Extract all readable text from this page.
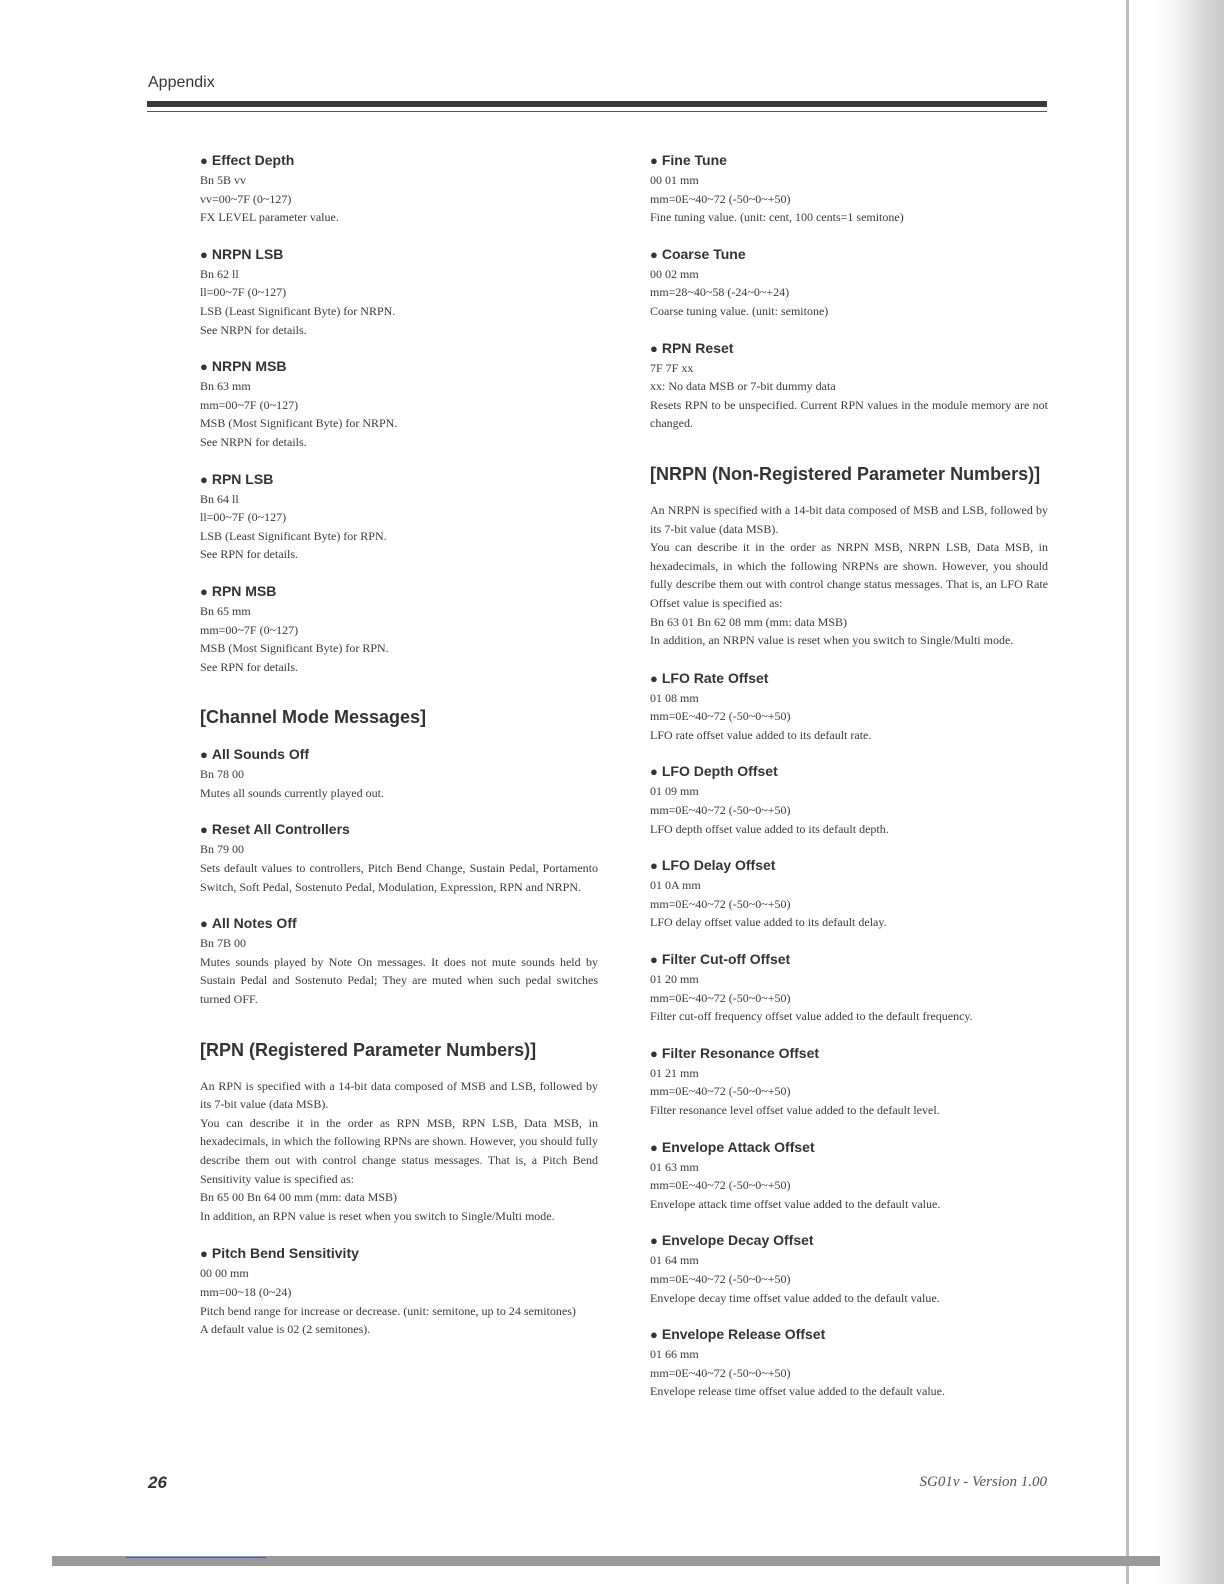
Appendix
● Effect Depth
Bn 5B vv
vv=00~7F (0~127)
FX LEVEL parameter value.
● NRPN LSB
Bn 62 ll
ll=00~7F (0~127)
LSB (Least Significant Byte) for NRPN.
See NRPN for details.
● NRPN MSB
Bn 63 mm
mm=00~7F (0~127)
MSB (Most Significant Byte) for NRPN.
See NRPN for details.
● RPN LSB
Bn 64 ll
ll=00~7F (0~127)
LSB (Least Significant Byte) for RPN.
See RPN for details.
● RPN MSB
Bn 65 mm
mm=00~7F (0~127)
MSB (Most Significant Byte) for RPN.
See RPN for details.
[Channel Mode Messages]
● All Sounds Off
Bn 78 00
Mutes all sounds currently played out.
● Reset All Controllers
Bn 79 00
Sets default values to controllers, Pitch Bend Change, Sustain Pedal, Portamento Switch, Soft Pedal, Sostenuto Pedal, Modulation, Expression, RPN and NRPN.
● All Notes Off
Bn 7B 00
Mutes sounds played by Note On messages. It does not mute sounds held by Sustain Pedal and Sostenuto Pedal; They are muted when such pedal switches turned OFF.
[RPN (Registered Parameter Numbers)]
An RPN is specified with a 14-bit data composed of MSB and LSB, followed by its 7-bit value (data MSB).
You can describe it in the order as RPN MSB, RPN LSB, Data MSB, in hexadecimals, in which the following RPNs are shown. However, you should fully describe them out with control change status messages. That is, a Pitch Bend Sensitivity value is specified as:
Bn 65 00 Bn 64 00 mm (mm: data MSB)
In addition, an RPN value is reset when you switch to Single/Multi mode.
● Pitch Bend Sensitivity
00 00 mm
mm=00~18 (0~24)
Pitch bend range for increase or decrease. (unit: semitone, up to 24 semitones)
A default value is 02 (2 semitones).
● Fine Tune
00 01 mm
mm=0E~40~72 (-50~0~+50)
Fine tuning value. (unit: cent, 100 cents=1 semitone)
● Coarse Tune
00 02 mm
mm=28~40~58 (-24~0~+24)
Coarse tuning value. (unit: semitone)
● RPN Reset
7F 7F xx
xx: No data MSB or 7-bit dummy data
Resets RPN to be unspecified. Current RPN values in the module memory are not changed.
[NRPN (Non-Registered Parameter Numbers)]
An NRPN is specified with a 14-bit data composed of MSB and LSB, followed by its 7-bit value (data MSB).
You can describe it in the order as NRPN MSB, NRPN LSB, Data MSB, in hexadecimals, in which the following NRPNs are shown. However, you should fully describe them out with control change status messages. That is, an LFO Rate Offset value is specified as:
Bn 63 01 Bn 62 08 mm (mm: data MSB)
In addition, an NRPN value is reset when you switch to Single/Multi mode.
● LFO Rate Offset
01 08 mm
mm=0E~40~72 (-50~0~+50)
LFO rate offset value added to its default rate.
● LFO Depth Offset
01 09 mm
mm=0E~40~72 (-50~0~+50)
LFO depth offset value added to its default depth.
● LFO Delay Offset
01 0A mm
mm=0E~40~72 (-50~0~+50)
LFO delay offset value added to its default delay.
● Filter Cut-off Offset
01 20 mm
mm=0E~40~72 (-50~0~+50)
Filter cut-off frequency offset value added to the default frequency.
● Filter Resonance Offset
01 21 mm
mm=0E~40~72 (-50~0~+50)
Filter resonance level offset value added to the default level.
● Envelope Attack Offset
01 63 mm
mm=0E~40~72 (-50~0~+50)
Envelope attack time offset value added to the default value.
● Envelope Decay Offset
01 64 mm
mm=0E~40~72 (-50~0~+50)
Envelope decay time offset value added to the default value.
● Envelope Release Offset
01 66 mm
mm=0E~40~72 (-50~0~+50)
Envelope release time offset value added to the default value.
26	SG01v - Version 1.00
